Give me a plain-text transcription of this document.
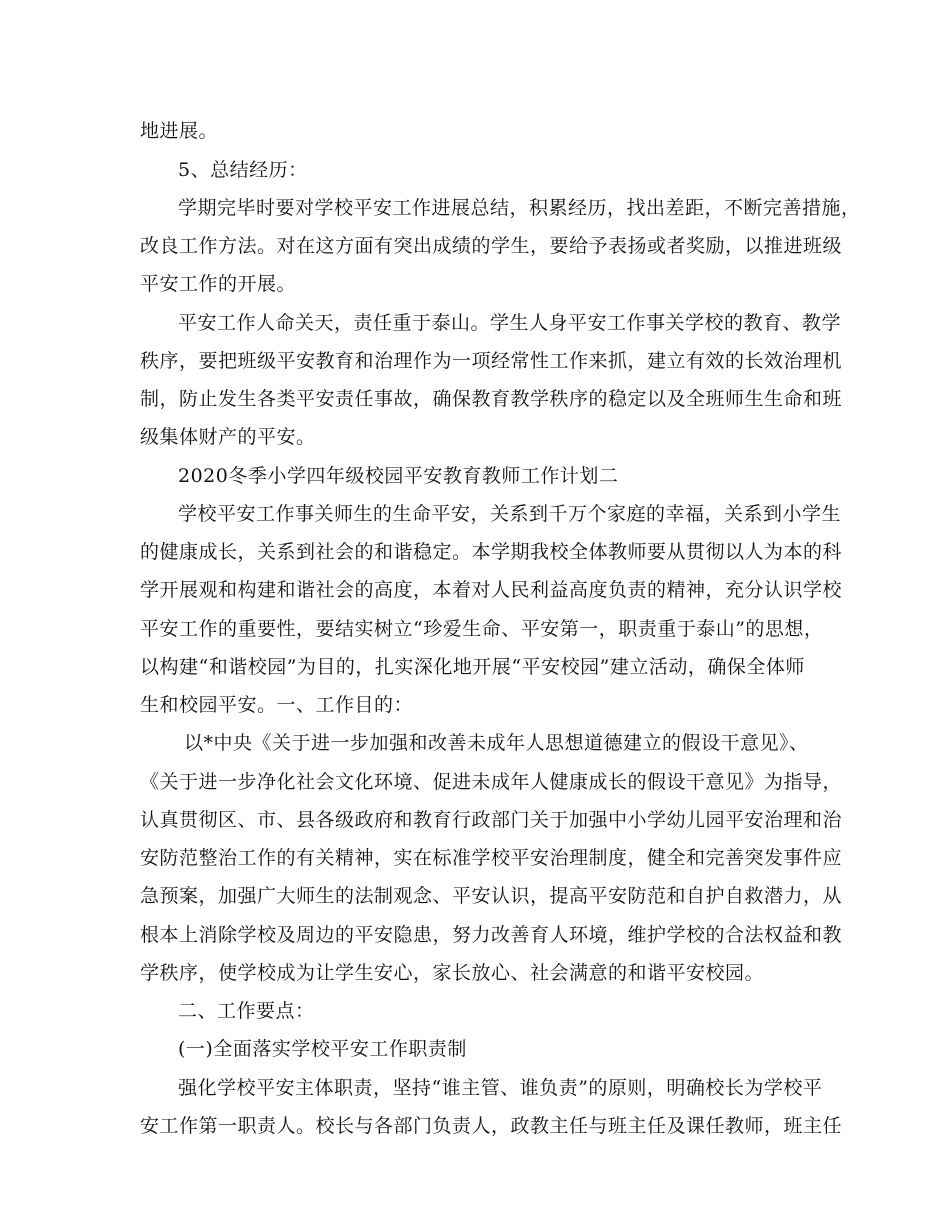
地进展。
5、总结经历：
学期完毕时要对学校平安工作进展总结，积累经历，找出差距，不断完善措施，
改良工作方法。对在这方面有突出成绩的学生，要给予表扬或者奖励，以推进班级
平安工作的开展。
平安工作人命关天，责任重于泰山。学生人身平安工作事关学校的教育、教学
秩序，要把班级平安教育和治理作为一项经常性工作来抓，建立有效的长效治理机
制，防止发生各类平安责任事故，确保教育教学秩序的稳定以及全班师生生命和班
级集体财产的平安。
2020冬季小学四年级校园平安教育教师工作计划二
学校平安工作事关师生的生命平安，关系到千万个家庭的幸福，关系到小学生
的健康成长，关系到社会的和谐稳定。本学期我校全体教师要从贯彻以人为本的科
学开展观和构建和谐社会的高度，本着对人民利益高度负责的精神，充分认识学校
平安工作的重要性，要结实树立“珍爱生命、平安第一，职责重于泰山”的思想，
以构建“和谐校园”为目的，扎实深化地开展“平安校园”建立活动，确保全体师
生和校园平安。一、工作目的：
以*中央《关于进一步加强和改善未成年人思想道德建立的假设干意见》、
《关于进一步净化社会文化环境、促进未成年人健康成长的假设干意见》为指导，
认真贯彻区、市、县各级政府和教育行政部门关于加强中小学幼儿园平安治理和治
安防范整治工作的有关精神，实在标准学校平安治理制度，健全和完善突发事件应
急预案，加强广大师生的法制观念、平安认识，提高平安防范和自护自救潜力，从
根本上消除学校及周边的平安隐患，努力改善育人环境，维护学校的合法权益和教
学秩序，使学校成为让学生安心，家长放心、社会满意的和谐平安校园。
二、工作要点：
(一)全面落实学校平安工作职责制
强化学校平安主体职责，坚持“谁主管、谁负责”的原则，明确校长为学校平
安工作第一职责人。校长与各部门负责人，政教主任与班主任及课任教师，班主任
